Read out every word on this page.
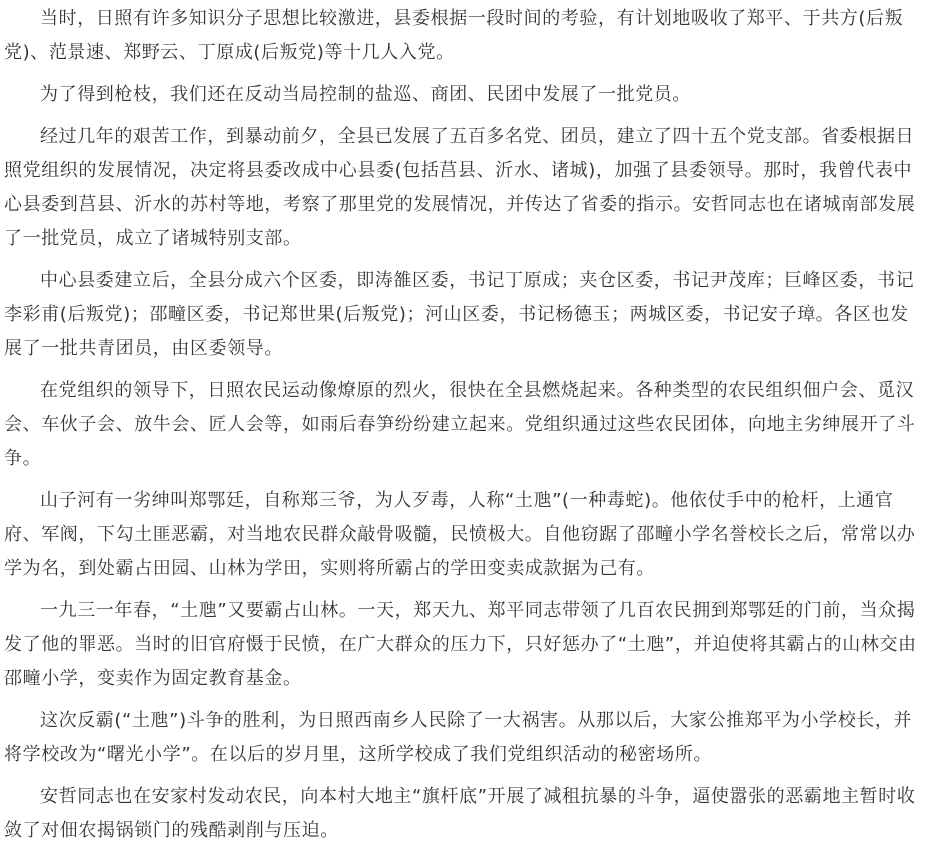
当时，日照有许多知识分子思想比较激进，县委根据一段时间的考验，有计划地吸收了郑平、于共方(后叛党)、范景速、郑野云、丁原成(后叛党)等十几人入党。

为了得到枪枝，我们还在反动当局控制的盐巡、商团、民团中发展了一批党员。

经过几年的艰苦工作，到暴动前夕，全县已发展了五百多名党、团员，建立了四十五个党支部。省委根据日照党组织的发展情况，决定将县委改成中心县委(包括莒县、沂水、诸城)，加强了县委领导。那时，我曾代表中心县委到莒县、沂水的苏村等地，考察了那里党的发展情况，并传达了省委的指示。安哲同志也在诸城南部发展了一批党员，成立了诸城特别支部。

中心县委建立后，全县分成六个区委，即涛雒区委，书记丁原成；夹仓区委，书记尹茂库；巨峰区委，书记李彩甫(后叛党)；邵疃区委，书记郑世果(后叛党)；河山区委，书记杨德玉；两城区委，书记安子璋。各区也发展了一批共青团员，由区委领导。

在党组织的领导下，日照农民运动像燎原的烈火，很快在全县燃烧起来。各种类型的农民组织佃户会、觅汉会、车伙子会、放牛会、匠人会等，如雨后春笋纷纷建立起来。党组织通过这些农民团体，向地主劣绅展开了斗争。

山子河有一劣绅叫郑鄂廷，自称郑三爷，为人歹毒，人称“土虺”(一种毒蛇)。他依仗手中的枪杆，上通官府、军阀，下勾土匪恶霸，对当地农民群众敲骨吸髓，民愤极大。自他窃踞了邵疃小学名誉校长之后，常常以办学为名，到处霸占田园、山林为学田，实则将所霸占的学田变卖成款据为己有。

一九三一年春，“土虺”又要霸占山林。一天，郑天九、郑平同志带领了几百农民拥到郑鄂廷的门前，当众揭发了他的罪恶。当时的旧官府慑于民愤，在广大群众的压力下，只好惩办了“土虺”，并迫使将其霸占的山林交由邵疃小学，变卖作为固定教育基金。

这次反霸(“土虺”)斗争的胜利，为日照西南乡人民除了一大祸害。从那以后，大家公推郑平为小学校长，并将学校改为“曙光小学”。在以后的岁月里，这所学校成了我们党组织活动的秘密场所。

安哲同志也在安家村发动农民，向本村大地主“旗杆底”开展了减租抗暴的斗争，逼使嚣张的恶霸地主暂时收敛了对佃农揭锅锁门的残酷剥削与压迫。
